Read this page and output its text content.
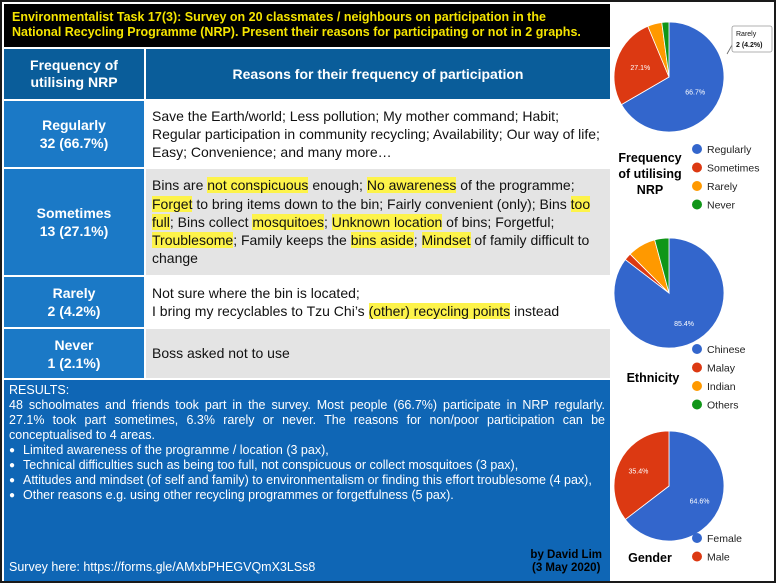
Environmentalist Task 17(3): Survey on 20 classmates / neighbours on participation in the
National Recycling Programme (NRP). Present their reasons for participating or not in 2 graphs.
Frequency of utilising NRP	Reasons for their frequency of participation
Regularly
32 (66.7%)
Save the Earth/world; Less pollution; My mother command; Habit; Regular participation in community recycling; Availability; Our way of life; Easy; Convenience; and many more…
Sometimes
13 (27.1%)
Bins are not conspicuous enough; No awareness of the programme; Forget to bring items down to the bin; Fairly convenient (only); Bins too full; Bins collect mosquitoes; Unknown location of bins; Forgetful; Troublesome; Family keeps the bins aside; Mindset of family difficult to change
Rarely
2 (4.2%)
Not sure where the bin is located;
I bring my recyclables to Tzu Chi’s (other) recycling points instead
Never
1 (2.1%)
Boss asked not to use
RESULTS:
48 schoolmates and friends took part in the survey. Most people (66.7%) participate in NRP regularly. 27.1% took part sometimes, 6.3% rarely or never. The reasons for non/poor participation can be conceptualised to 4 areas.
● Limited awareness of the programme / location (3 pax),
● Technical difficulties such as being too full, not conspicuous or collect mosquitoes (3 pax),
● Attitudes and mindset (of self and family) to environmentalism or finding this effort troublesome (4 pax),
● Other reasons e.g. using other recycling programmes or forgetfulness (5 pax).
Survey here: https://forms.gle/AMxbPHEGVQmX3LSs8
by David Lim
(3 May 2020)
66.7%
27.1%
Frequency
of utilising
NRP
Regularly
Sometimes
Rarely
Never
Rarely
2 (4.2%)
85.4%
Ethnicity
Chinese
Malay
Indian
Others
64.6%
35.4%
Gender
Female
Male
